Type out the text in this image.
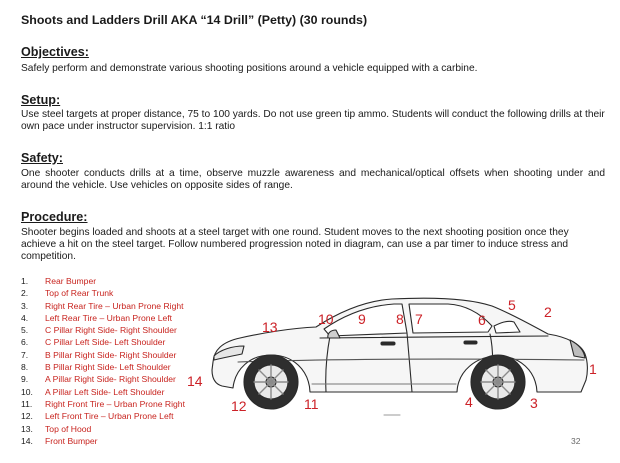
Shoots and Ladders Drill AKA “14 Drill” (Petty) (30 rounds)
Objectives:
Safely perform and demonstrate various shooting positions around a vehicle equipped with a carbine.
Setup:
Use steel targets at proper distance, 75 to 100 yards. Do not use green tip ammo. Students will conduct the following drills at their own pace under instructor supervision. 1:1 ratio
Safety:
One shooter conducts drills at a time, observe muzzle awareness and mechanical/optical offsets when shooting under and around the vehicle. Use vehicles on opposite sides of range.
Procedure:
Shooter begins loaded and shoots at a steel target with one round. Student moves to the next shooting position once they achieve a hit on the steel target. Follow numbered progression noted in diagram, can use a par timer to induce stress and competition.
1. Rear Bumper
2. Top of Rear Trunk
3. Right Rear Tire – Urban Prone Right
4. Left Rear Tire – Urban Prone Left
5. C Pillar Right Side- Right Shoulder
6. C Pillar Left Side- Left Shoulder
7. B Pillar Right Side- Right Shoulder
8. B Pillar Right Side- Left Shoulder
9. A Pillar Right Side- Right Shoulder
10. A Pillar Left Side- Left Shoulder
11. Right Front Tire – Urban Prone Right
12. Left Front Tire – Urban Prone Left
13. Top of Hood
14. Front Bumper
1
2
3
4
5
6
7
8
9
10
11
12
13
14
32
